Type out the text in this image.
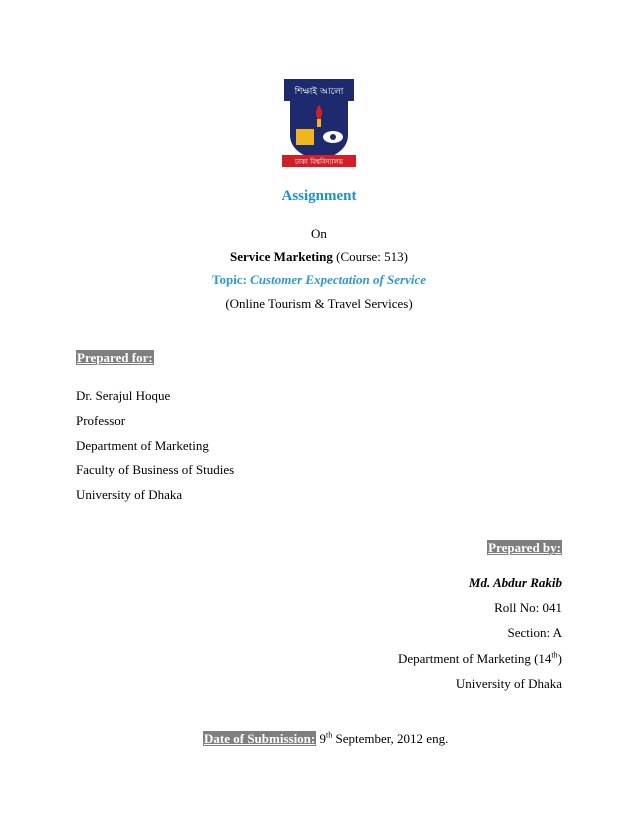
শিক্ষাই আলো
ঢাকা বিশ্ববিদ্যালয়
Assignment
On
Service Marketing (Course: 513)
Topic: Customer Expectation of Service
(Online Tourism & Travel Services)
Prepared for:
Dr. Serajul Hoque
Professor
Department of Marketing
Faculty of Business of Studies
University of Dhaka
Prepared by:
Md. Abdur Rakib
Roll No: 041
Section: A
Department of Marketing (14th)
University of Dhaka
Date of Submission: 9th September, 2012 eng.
